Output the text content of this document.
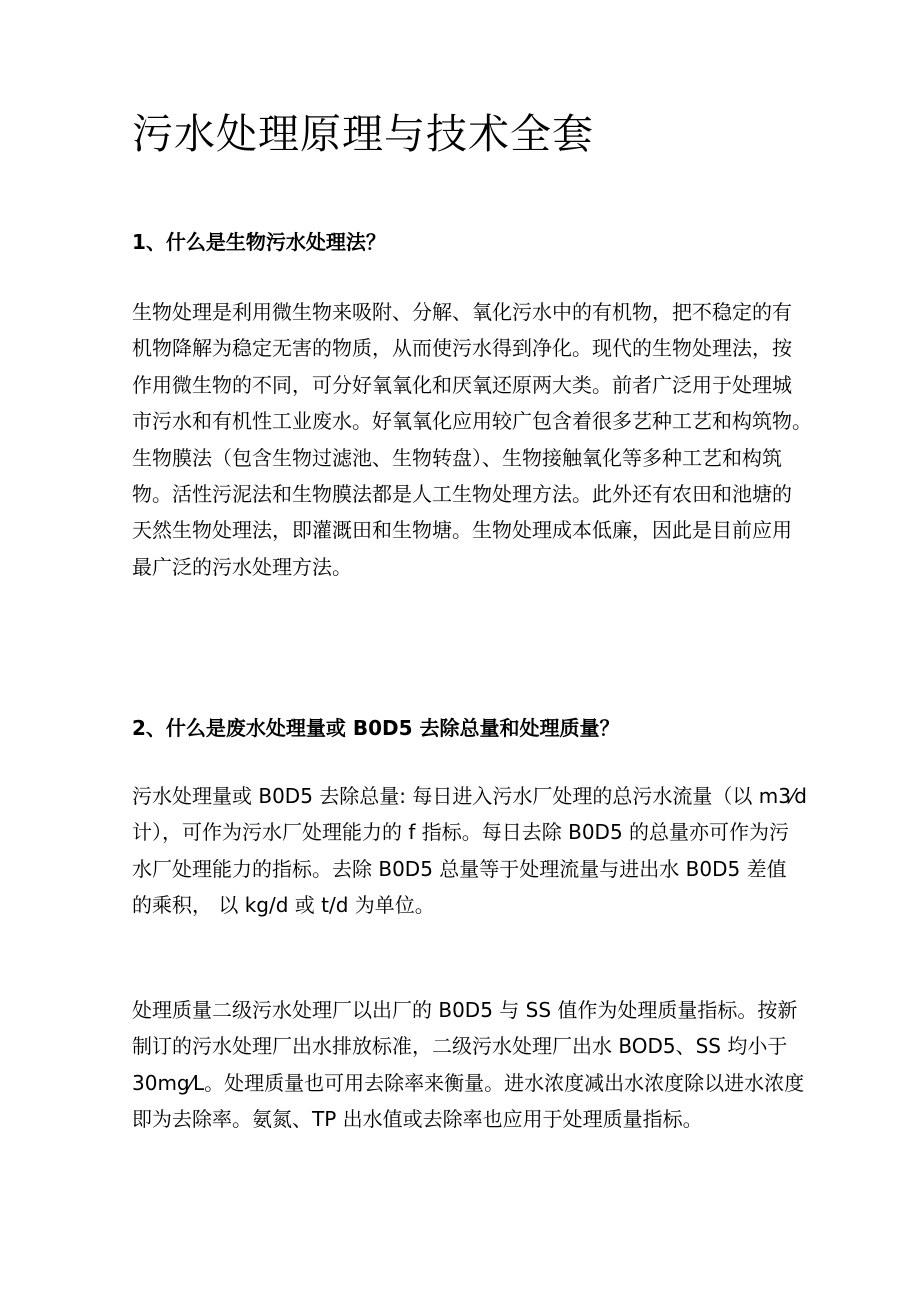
污水处理原理与技术全套
1、什么是生物污水处理法？

生物处理是利用微生物来吸附、分解、氧化污水中的有机物，把不稳定的有
机物降解为稳定无害的物质，从而使污水得到净化。现代的生物处理法，按
作用微生物的不同，可分好氧氧化和厌氧还原两大类。前者广泛用于处理城
市污水和有机性工业废水。好氧氧化应用较广包含着很多艺种工艺和构筑物。
生物膜法（包含生物过滤池、生物转盘）、生物接触氧化等多种工艺和构筑
物。活性污泥法和生物膜法都是人工生物处理方法。此外还有农田和池塘的
天然生物处理法，即灌溉田和生物塘。生物处理成本低廉，因此是目前应用
最广泛的污水处理方法。

2、什么是废水处理量或 B0D5 去除总量和处理质量？

污水处理量或 B0D5 去除总量: 每日进入污水厂处理的总污水流量（以 m3⁄d
计），可作为污水厂处理能力的 f 指标。每日去除 B0D5 的总量亦可作为污
水厂处理能力的指标。去除 B0D5 总量等于处理流量与进出水 B0D5 差值
的乘积， 以 kg/d 或 t/d 为单位。

处理质量二级污水处理厂以出厂的 B0D5 与 SS 值作为处理质量指标。按新
制订的污水处理厂出水排放标准，二级污水处理厂出水 BOD5、SS 均小于
30mg⁄L。处理质量也可用去除率来衡量。进水浓度减出水浓度除以进水浓度
即为去除率。氨氮、TP 出水值或去除率也应用于处理质量指标。
